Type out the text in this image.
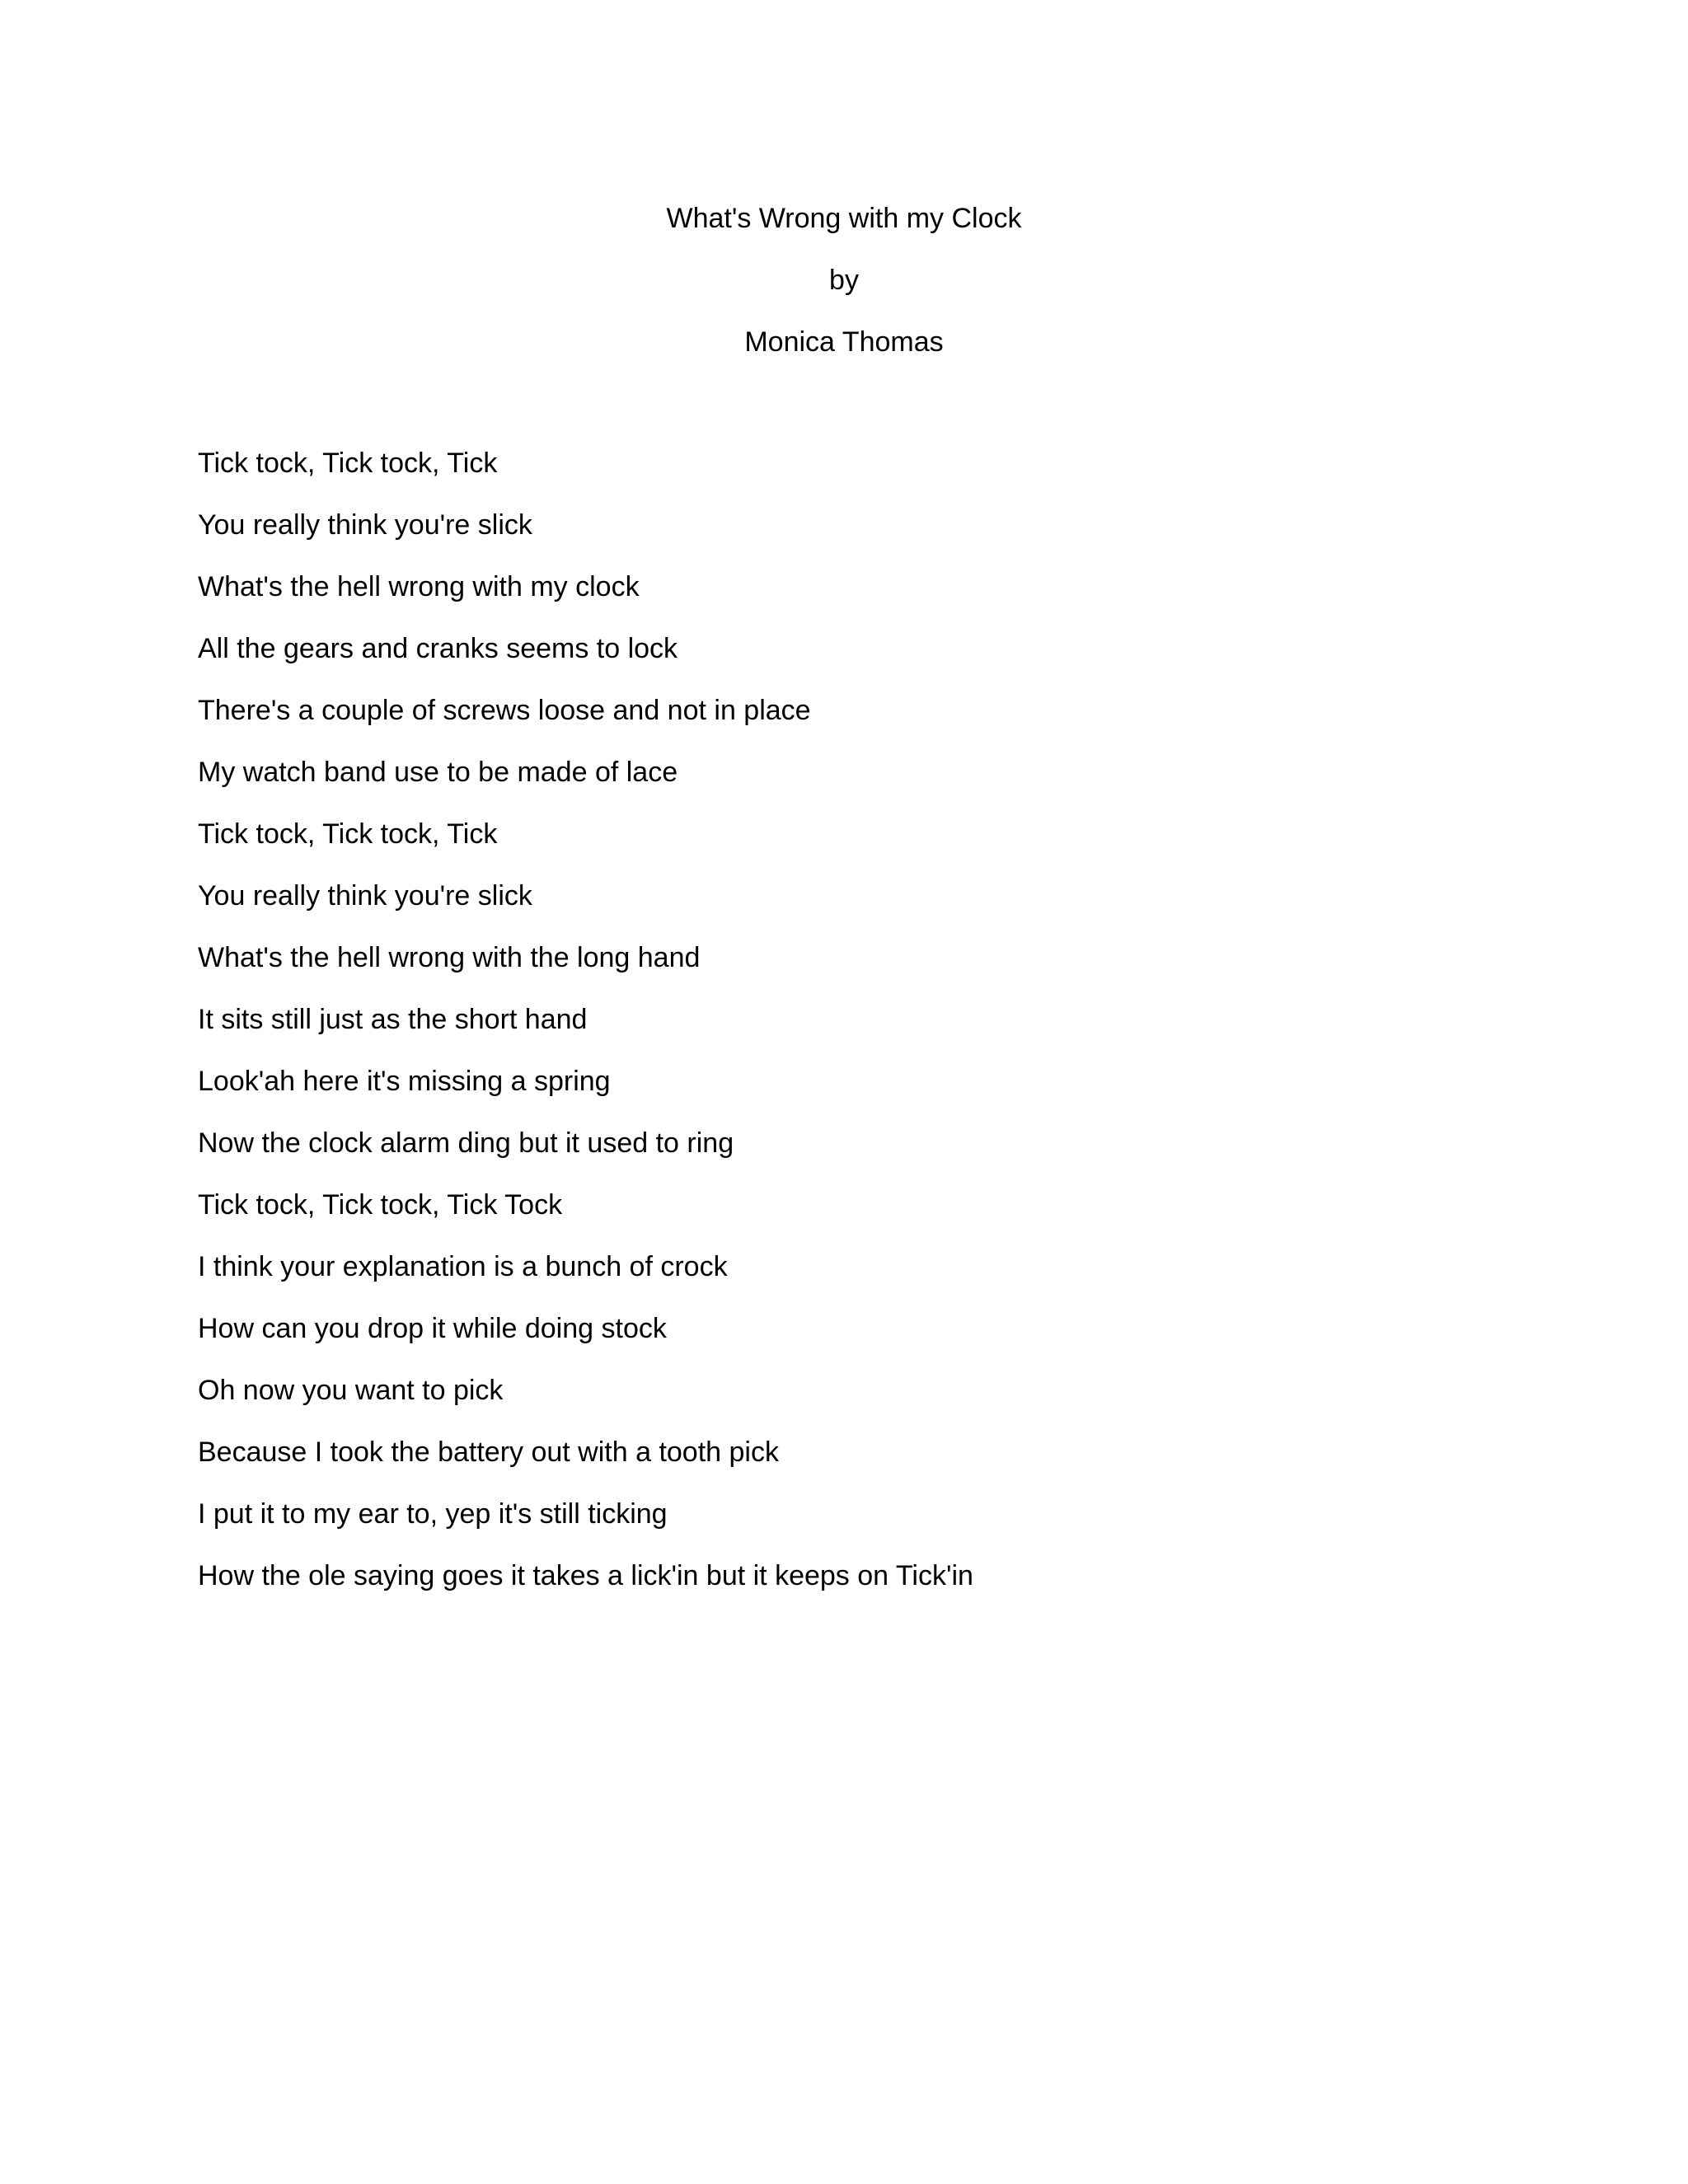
What's Wrong with my Clock
by
Monica Thomas
Tick tock, Tick tock, Tick
You really think you're slick
What's the hell wrong with my clock
All the gears and cranks seems to lock
There's a couple of screws loose and not in place
My watch band use to be made of lace
Tick tock, Tick tock, Tick
You really think you're slick
What's the hell wrong with the long hand
It sits still just as the short hand
Look'ah here it's missing a spring
Now the clock alarm ding but it used to ring
Tick tock, Tick tock, Tick Tock
I think your explanation is a bunch of crock
How can you drop it while doing stock
Oh now you want to pick
Because I took the battery out with a tooth pick
I put it to my ear to, yep it's still ticking
How the ole saying goes it takes a lick'in but it keeps on Tick'in
